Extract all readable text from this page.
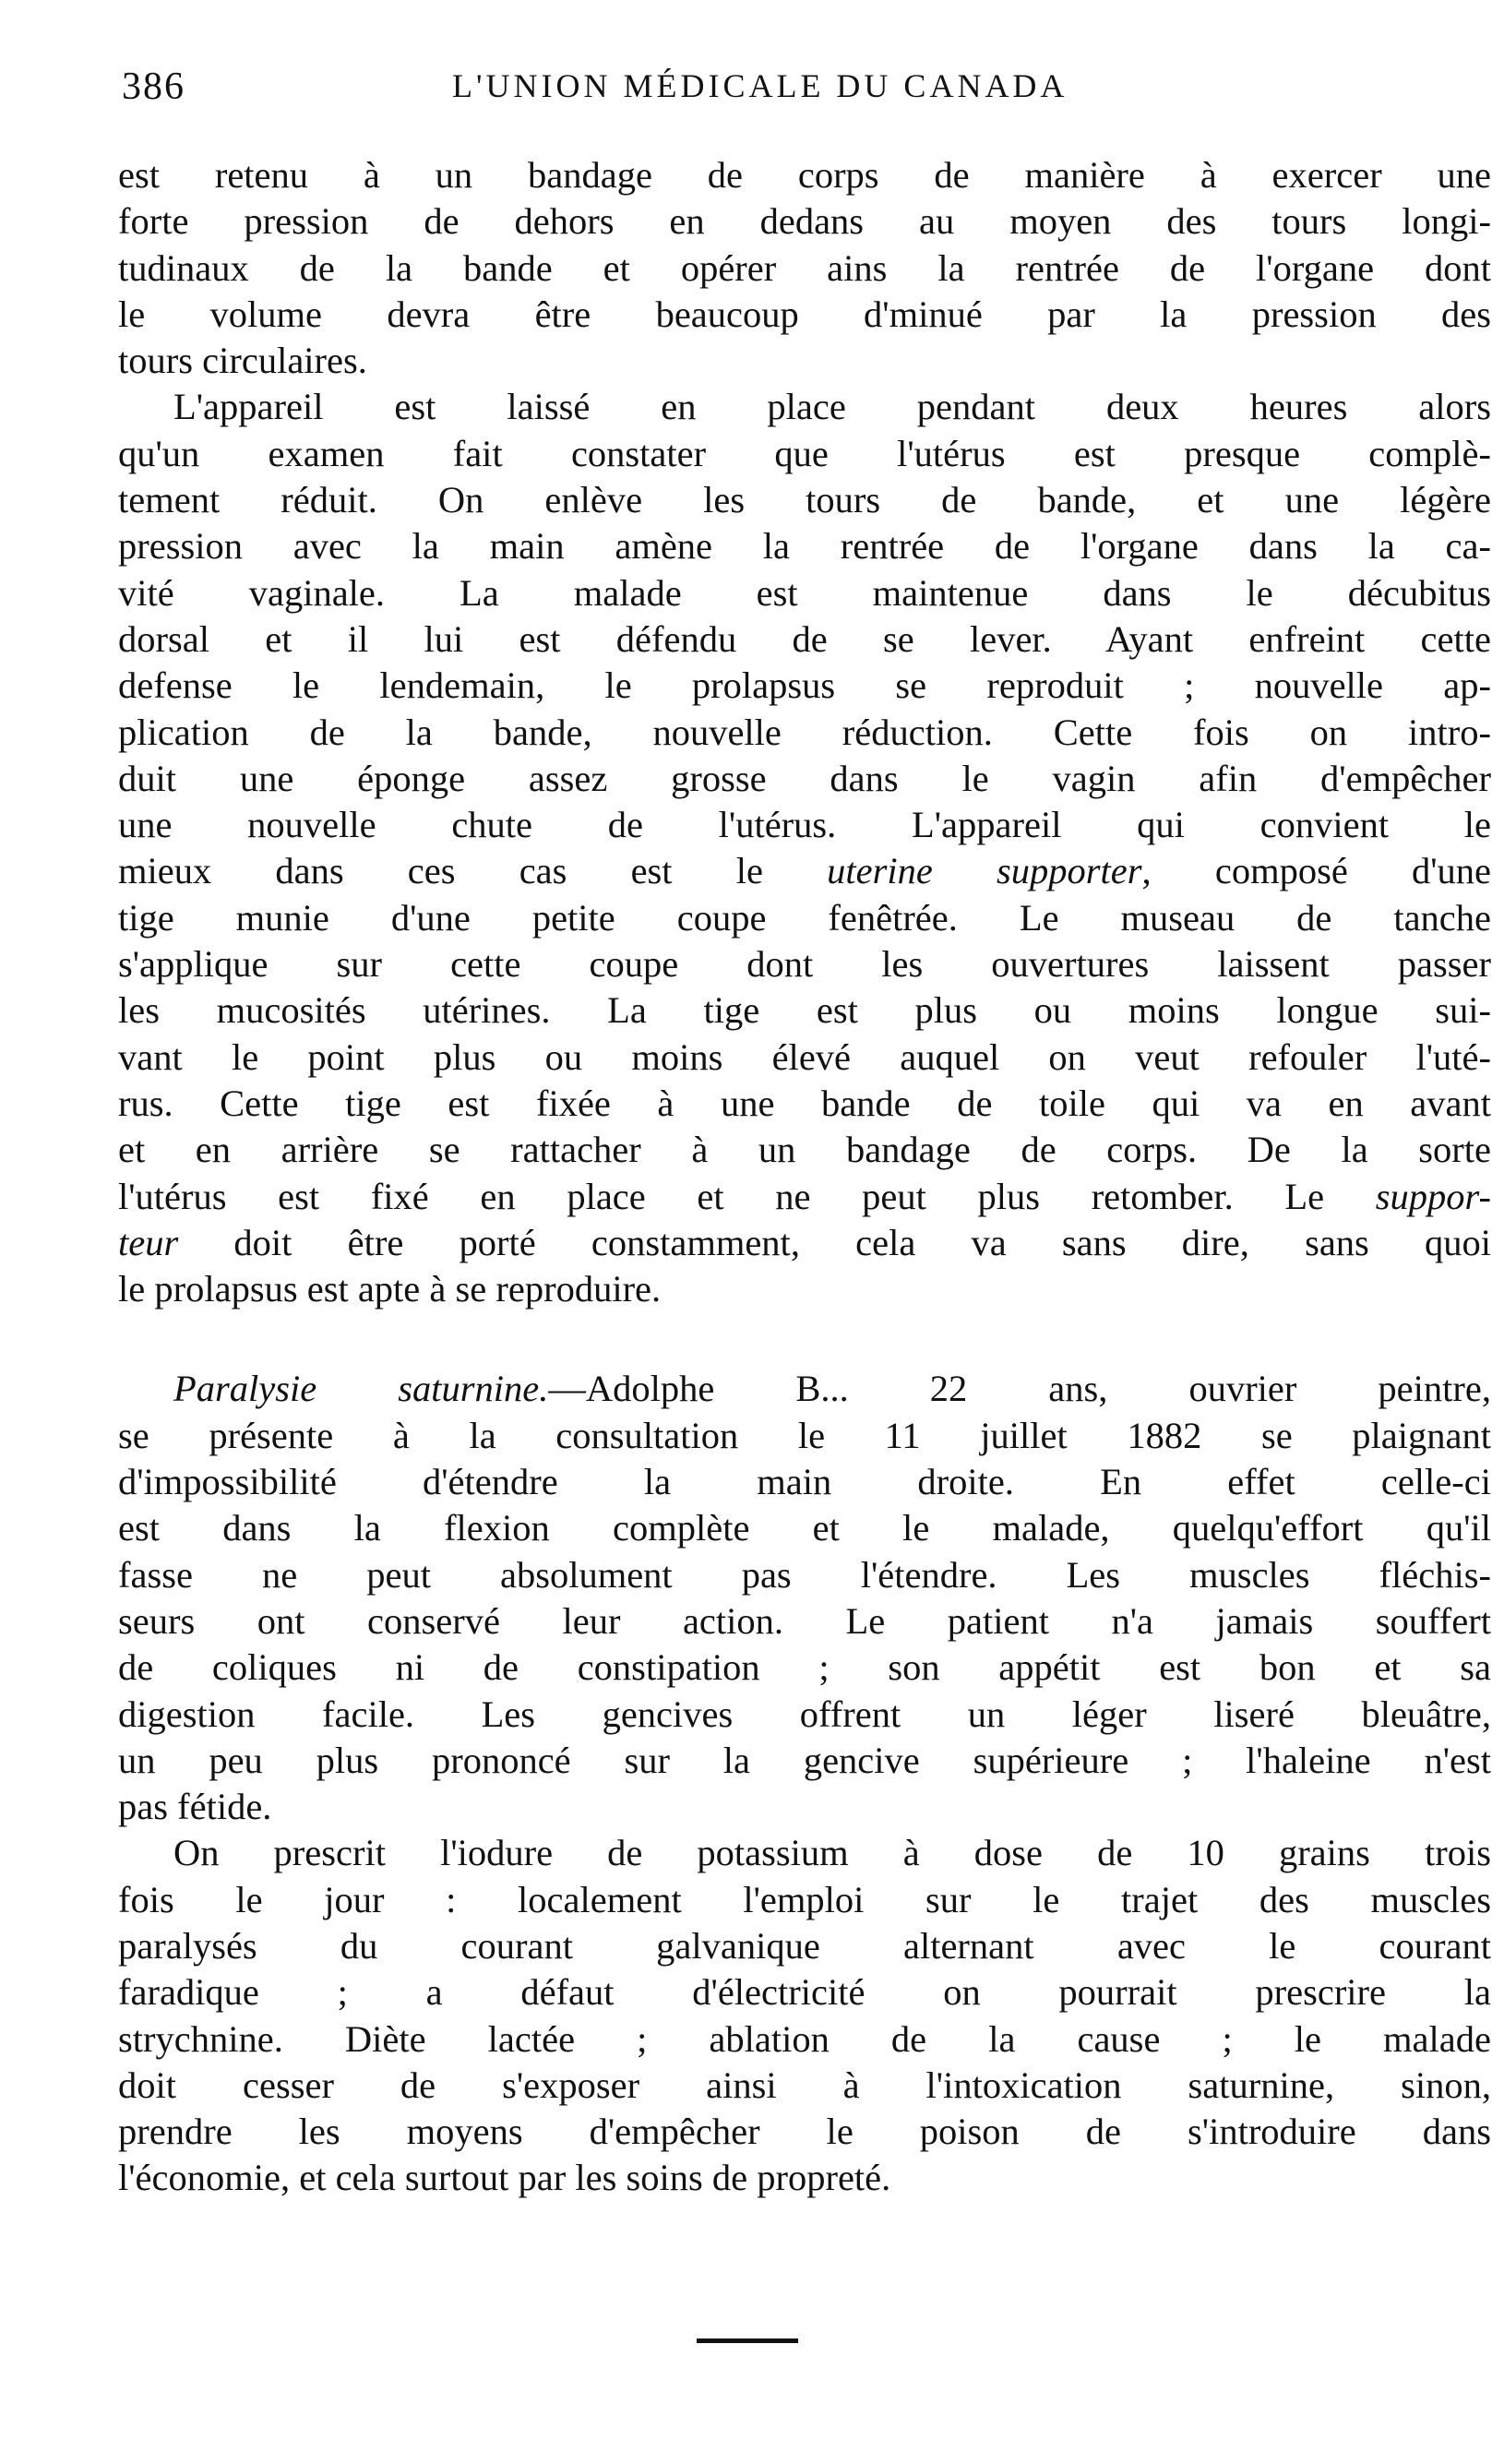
386	L'UNION MÉDICALE DU CANADA
est retenu à un bandage de corps de manière à exercer une
forte pression de dehors en dedans au moyen des tours longi-
tudinaux de la bande et opérer ains la rentrée de l'organe dont
le volume devra être beaucoup d'minué par la pression des
tours circulaires.
L'appareil est laissé en place pendant deux heures alors
qu'un examen fait constater que l'utérus est presque complè-
tement réduit. On enlève les tours de bande, et une légère
pression avec la main amène la rentrée de l'organe dans la ca-
vité vaginale. La malade est maintenue dans le décubitus
dorsal et il lui est défendu de se lever. Ayant enfreint cette
defense le lendemain, le prolapsus se reproduit ; nouvelle ap-
plication de la bande, nouvelle réduction. Cette fois on intro-
duit une éponge assez grosse dans le vagin afin d'empêcher
une nouvelle chute de l'utérus. L'appareil qui convient le
mieux dans ces cas est le uterine supporter, composé d'une
tige munie d'une petite coupe fenêtrée. Le museau de tanche
s'applique sur cette coupe dont les ouvertures laissent passer
les mucosités utérines. La tige est plus ou moins longue sui-
vant le point plus ou moins élevé auquel on veut refouler l'uté-
rus. Cette tige est fixée à une bande de toile qui va en avant
et en arrière se rattacher à un bandage de corps. De la sorte
l'utérus est fixé en place et ne peut plus retomber. Le suppor-
teur doit être porté constamment, cela va sans dire, sans quoi
le prolapsus est apte à se reproduire.
Paralysie saturnine.—Adolphe B... 22 ans, ouvrier peintre,
se présente à la consultation le 11 juillet 1882 se plaignant
d'impossibilité d'étendre la main droite. En effet celle-ci
est dans la flexion complète et le malade, quelqu'effort qu'il
fasse ne peut absolument pas l'étendre. Les muscles fléchis-
seurs ont conservé leur action. Le patient n'a jamais souffert
de coliques ni de constipation ; son appétit est bon et sa
digestion facile. Les gencives offrent un léger liseré bleuâtre,
un peu plus prononcé sur la gencive supérieure ; l'haleine n'est
pas fétide.
On prescrit l'iodure de potassium à dose de 10 grains trois
fois le jour : localement l'emploi sur le trajet des muscles
paralysés du courant galvanique alternant avec le courant
faradique ; a défaut d'électricité on pourrait prescrire la
strychnine. Diète lactée ; ablation de la cause ; le malade
doit cesser de s'exposer ainsi à l'intoxication saturnine, sinon,
prendre les moyens d'empêcher le poison de s'introduire dans
l'économie, et cela surtout par les soins de propreté.
